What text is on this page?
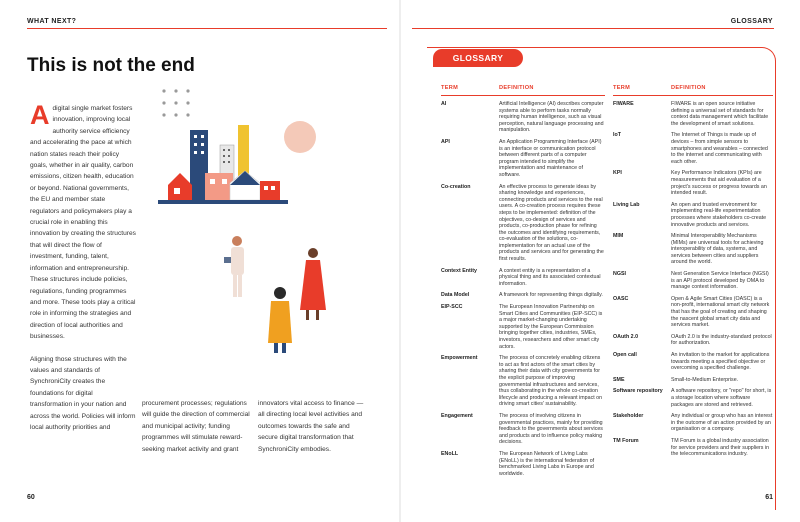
WHAT NEXT?
This is not the end

Adigital single market fosters innovation, improving local authority service efficiency and accelerating the pace at which nation states reach their policy goals, whether in air quality, carbon emissions, citizen health, education or beyond. National governments, the EU and member state regulators and policymakers play a crucial role in enabling this innovation by creating the structures that will direct the flow of investment, funding, talent, information and entrepreneurship. These structures include policies, regulations, funding programmes and more. These tools play a critical role in informing the strategies and direction of local authorities and businesses.

Aligning those structures with the values and standards of SynchroniCity creates the foundations for digital transformation in your nation and across the world. Policies will inform local authority priorities and

procurement processes; regulations will guide the direction of commercial and municipal activity; funding programmes will stimulate reward-seeking market activity and grant
innovators vital access to finance — all directing local level activities and outcomes towards the safe and secure digital transformation that SynchroniCity embodies.
60
GLOSSARY
GLOSSARY
TERM	DEFINITION
AI	Artificial Intelligence (AI) describes computer systems able to perform tasks normally requiring human intelligence, such as visual perception, natural language processing and manipulation.
API	An Application Programming Interface (API) is an interface or communication protocol between different parts of a computer program intended to simplify the implementation and maintenance of software.
Co-creation	An effective process to generate ideas by sharing knowledge and experiences, connecting products and services to the real users. A co-creation process requires these steps to be implemented: definition of the objectives, co-design of services and products, co-production phase for refining the outcomes and identifying requirements, co-evaluation of the solutions, co-implementation for an actual use of the products and services and for generating the first results.
Context Entity	A context entity is a representation of a physical thing and its associated contextual information.
Data Model	A framework for representing things digitally.
EIP-SCC	The European Innovation Partnership on Smart Cities and Communities (EIP-SCC) is a major market-changing undertaking supported by the European Commission bringing together cities, industries, SMEs, investors, researchers and other smart city actors.
Empowerment	The process of concretely enabling citizens to act as first actors of the smart cities by sharing their data with city governments for the explicit purpose of improving governmental infrastructures and services, thus collaborating in the whole co-creation lifecycle and producing a relevant impact on driving smart cities' sustainability.
Engagement	The process of involving citizens in governmental practices, mainly for providing feedback to the governments about services and products and to influence policy making decisions.
ENoLL	The European Network of Living Labs (ENoLL) is the international federation of benchmarked Living Labs in Europe and worldwide.
TERM	DEFINITION
FIWARE	FIWARE is an open source initiative defining a universal set of standards for context data management which facilitate the development of smart solutions.
IoT	The Internet of Things is made up of devices – from simple sensors to smartphones and wearables – connected to the internet and communicating with each other.
KPI	Key Performance Indicators (KPIs) are measurements that aid evaluation of a project's success or progress towards an intended result.
Living Lab	An open and trusted environment for implementing real-life experimentation processes where stakeholders co-create innovative products and services.
MIM	Minimal Interoperability Mechanisms (MIMs) are universal tools for achieving interoperability of data, systems, and services between cities and suppliers around the world.
NGSI	Next Generation Service Interface (NGSI) is an API protocol developed by OMA to manage context information.
OASC	Open & Agile Smart Cities (OASC) is a non-profit, international smart city network that has the goal of creating and shaping the nascent global smart city data and services market.
OAuth 2.0	OAuth 2.0 is the industry-standard protocol for authorization.
Open call	An invitation to the market for applications towards meeting a specified objective or overcoming a specified challenge.
SME	Small-to-Medium Enterprise.
Software repository	A software repository, or "repo" for short, is a storage location where software packages are stored and retrieved.
Stakeholder	Any individual or group who has an interest in the outcome of an action provided by an organisation or a company.
TM Forum	TM Forum is a global industry association for service providers and their suppliers in the telecommunications industry.
61
